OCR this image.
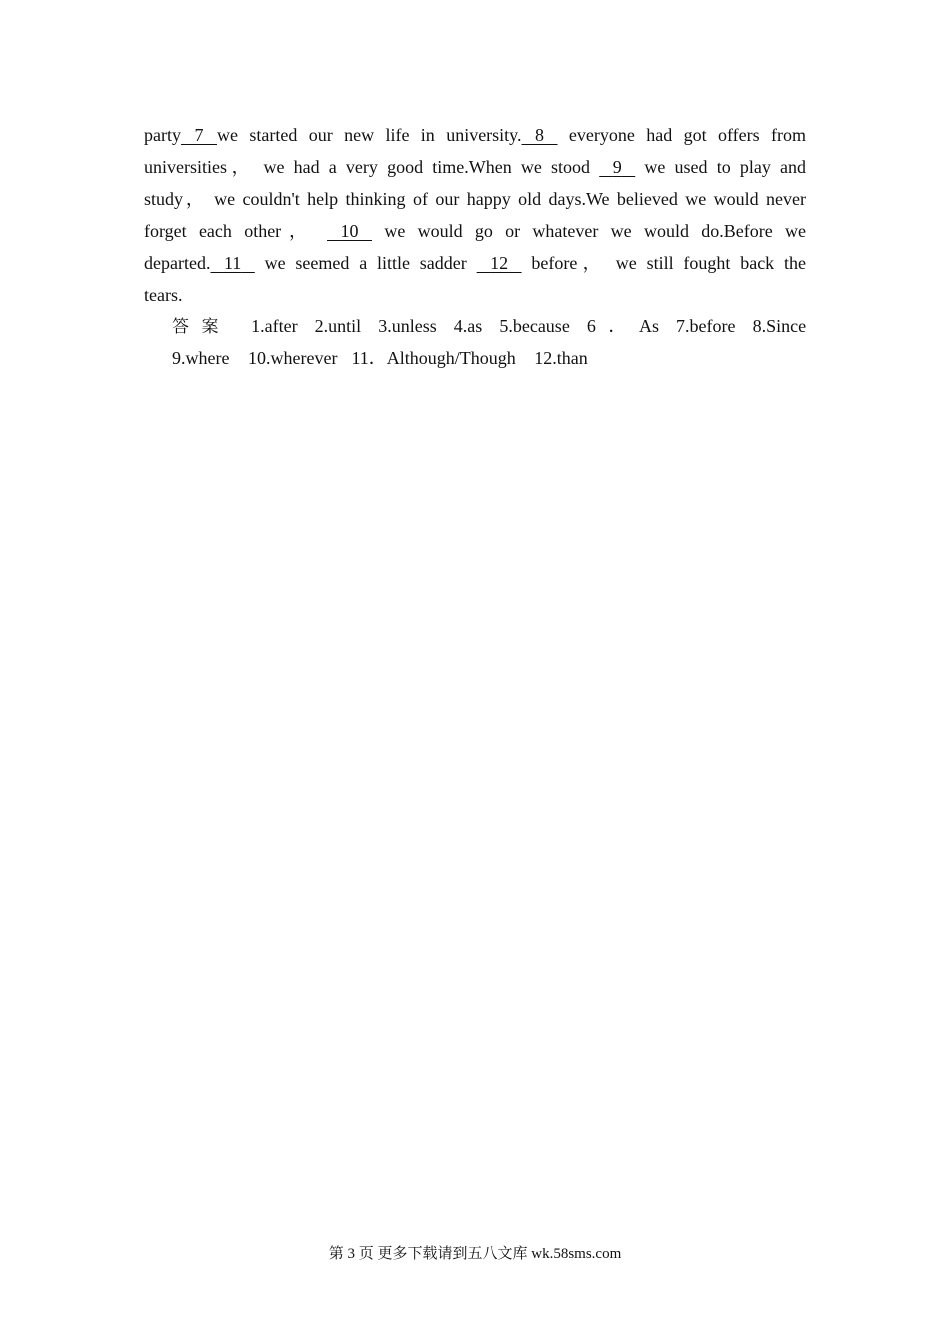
party 7 we started our new life in university. 8    everyone had got offers from
universities， we had a very good time.When we stood    9    we used to play and
study， we couldn't help thinking of our happy old days.We believed we would never
forget each other，    10    we would go or whatever we would do.Before we
departed. 11    we seemed a little sadder    12    before， we still fought back the
tears.
答案 1.after 2.until 3.unless 4.as 5.because 6．As 7.before 8.Since
9.where 10.wherever 11．Although/Though 12.than
第 3 页 更多下载请到五八文库 wk.58sms.com
